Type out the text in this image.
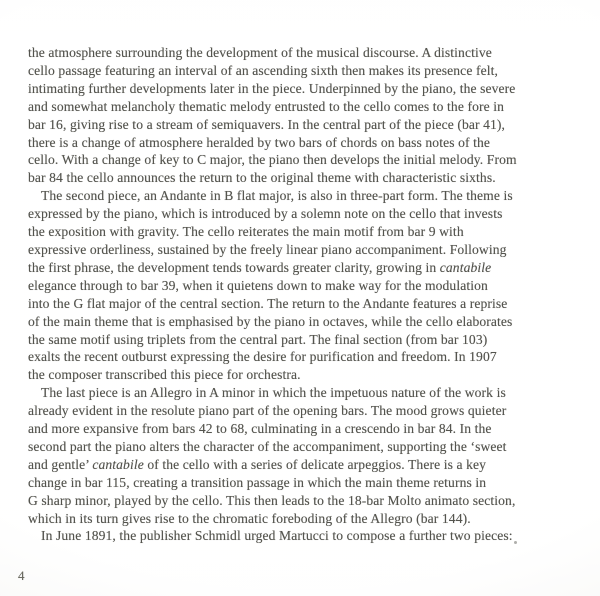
the atmosphere surrounding the development of the musical discourse. A distinctive
cello passage featuring an interval of an ascending sixth then makes its presence felt,
intimating further developments later in the piece. Underpinned by the piano, the severe
and somewhat melancholy thematic melody entrusted to the cello comes to the fore in
bar 16, giving rise to a stream of semiquavers. In the central part of the piece (bar 41),
there is a change of atmosphere heralded by two bars of chords on bass notes of the
cello. With a change of key to C major, the piano then develops the initial melody. From
bar 84 the cello announces the return to the original theme with characteristic sixths.
The second piece, an Andante in B flat major, is also in three-part form. The theme is
expressed by the piano, which is introduced by a solemn note on the cello that invests
the exposition with gravity. The cello reiterates the main motif from bar 9 with
expressive orderliness, sustained by the freely linear piano accompaniment. Following
the first phrase, the development tends towards greater clarity, growing in cantabile
elegance through to bar 39, when it quietens down to make way for the modulation
into the G flat major of the central section. The return to the Andante features a reprise
of the main theme that is emphasised by the piano in octaves, while the cello elaborates
the same motif using triplets from the central part. The final section (from bar 103)
exalts the recent outburst expressing the desire for purification and freedom. In 1907
the composer transcribed this piece for orchestra.
The last piece is an Allegro in A minor in which the impetuous nature of the work is
already evident in the resolute piano part of the opening bars. The mood grows quieter
and more expansive from bars 42 to 68, culminating in a crescendo in bar 84. In the
second part the piano alters the character of the accompaniment, supporting the ‘sweet
and gentle’ cantabile of the cello with a series of delicate arpeggios. There is a key
change in bar 115, creating a transition passage in which the main theme returns in
G sharp minor, played by the cello. This then leads to the 18-bar Molto animato section,
which in its turn gives rise to the chromatic foreboding of the Allegro (bar 144).
In June 1891, the publisher Schmidl urged Martucci to compose a further two pieces:
4
